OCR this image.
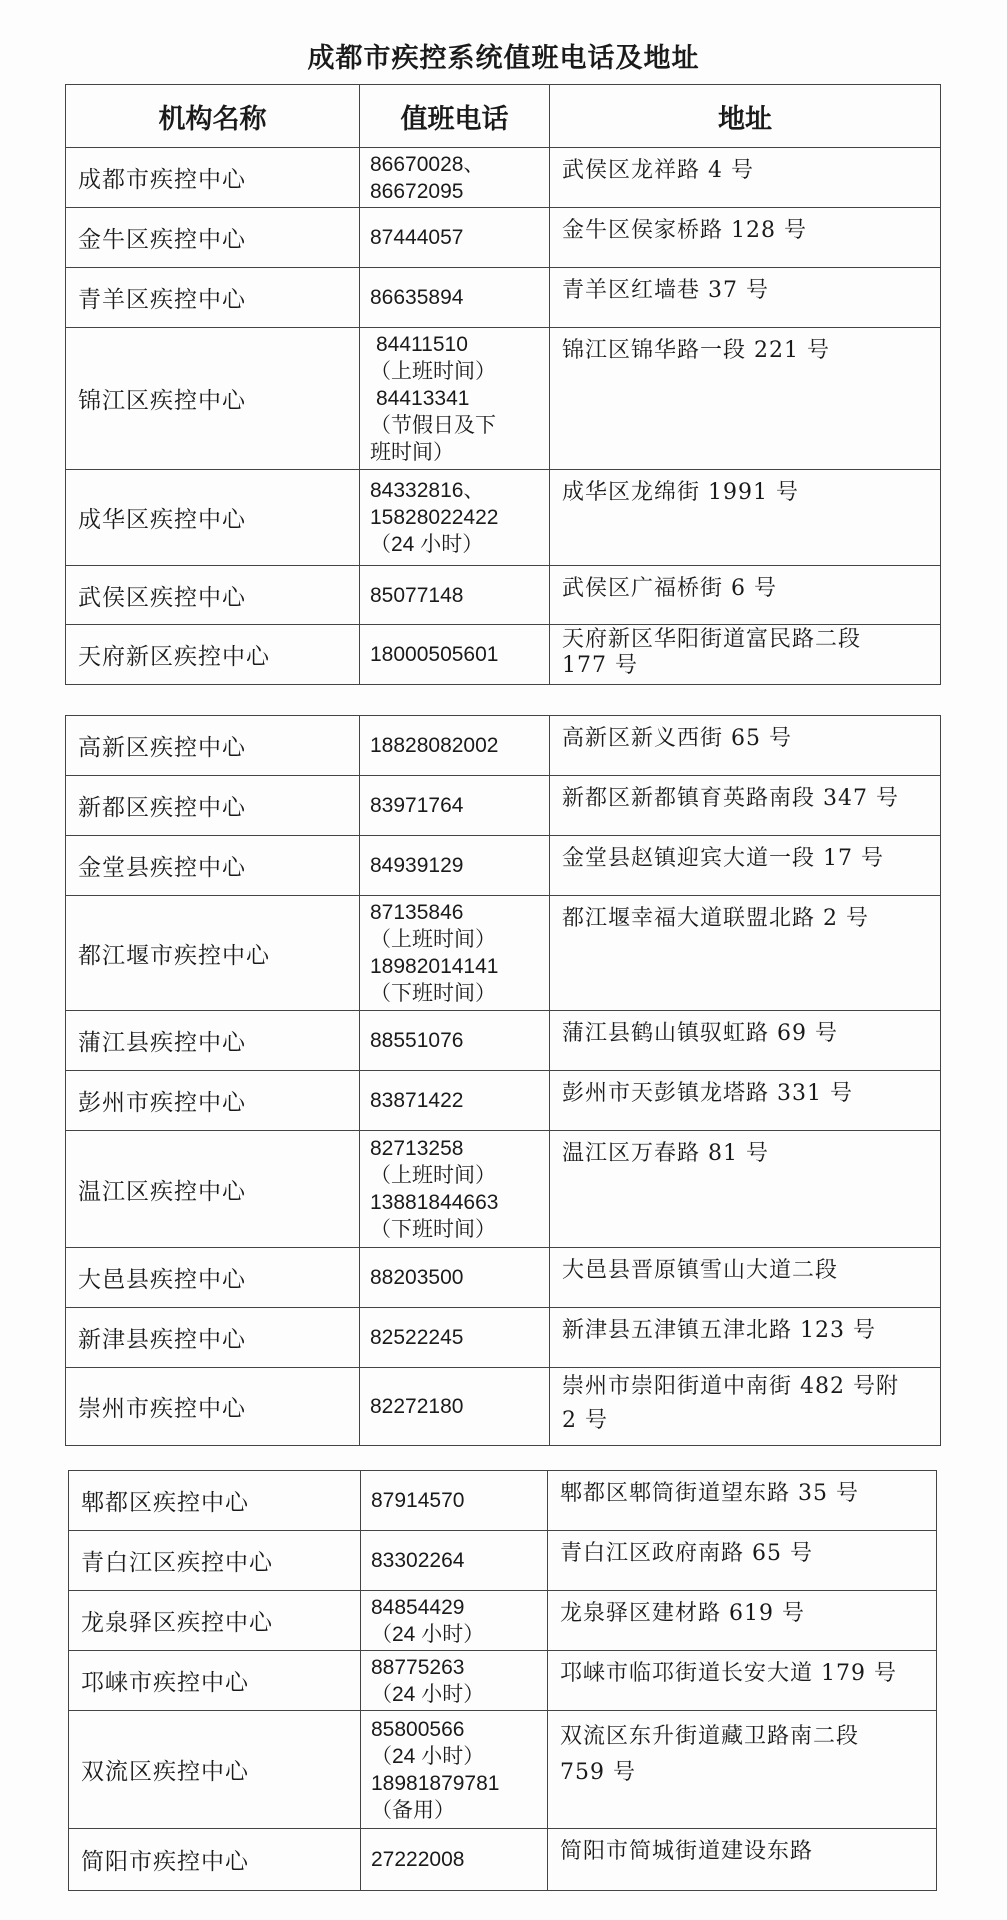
成都市疾控系统值班电话及地址
机构名称	值班电话	地址
成都市疾控中心	86670028、
86672095	武侯区龙祥路 4 号

金牛区疾控中心	87444057	金牛区侯家桥路 128 号

青羊区疾控中心	86635894	青羊区红墙巷 37 号

锦江区疾控中心	84411510
（上班时间）
84413341
（节假日及下
班时间）	锦江区锦华路一段 221 号

成华区疾控中心	84332816、
15828022422
（24 小时）	成华区龙绵街 1991 号

武侯区疾控中心	85077148	武侯区广福桥街 6 号

天府新区疾控中心	18000505601	天府新区华阳街道富民路二段
177 号
高新区疾控中心	18828082002	高新区新义西街 65 号

新都区疾控中心	83971764	新都区新都镇育英路南段 347 号

金堂县疾控中心	84939129	金堂县赵镇迎宾大道一段 17 号

都江堰市疾控中心	87135846
（上班时间）
18982014141
（下班时间）	都江堰幸福大道联盟北路 2 号

蒲江县疾控中心	88551076	蒲江县鹤山镇驭虹路 69 号

彭州市疾控中心	83871422	彭州市天彭镇龙塔路 331 号

温江区疾控中心	82713258
（上班时间）
13881844663
（下班时间）	温江区万春路 81 号

大邑县疾控中心	88203500	大邑县晋原镇雪山大道二段

新津县疾控中心	82522245	新津县五津镇五津北路 123 号

崇州市疾控中心	82272180	崇州市崇阳街道中南街 482 号附
2 号
郫都区疾控中心	87914570	郫都区郫筒街道望东路 35 号

青白江区疾控中心	83302264	青白江区政府南路 65 号

龙泉驿区疾控中心	84854429
（24 小时）	龙泉驿区建材路 619 号

邛崃市疾控中心	88775263
（24 小时）	邛崃市临邛街道长安大道 179 号

双流区疾控中心	85800566
（24 小时）
18981879781
（备用）	双流区东升街道藏卫路南二段
759 号

简阳市疾控中心	27222008	简阳市简城街道建设东路
